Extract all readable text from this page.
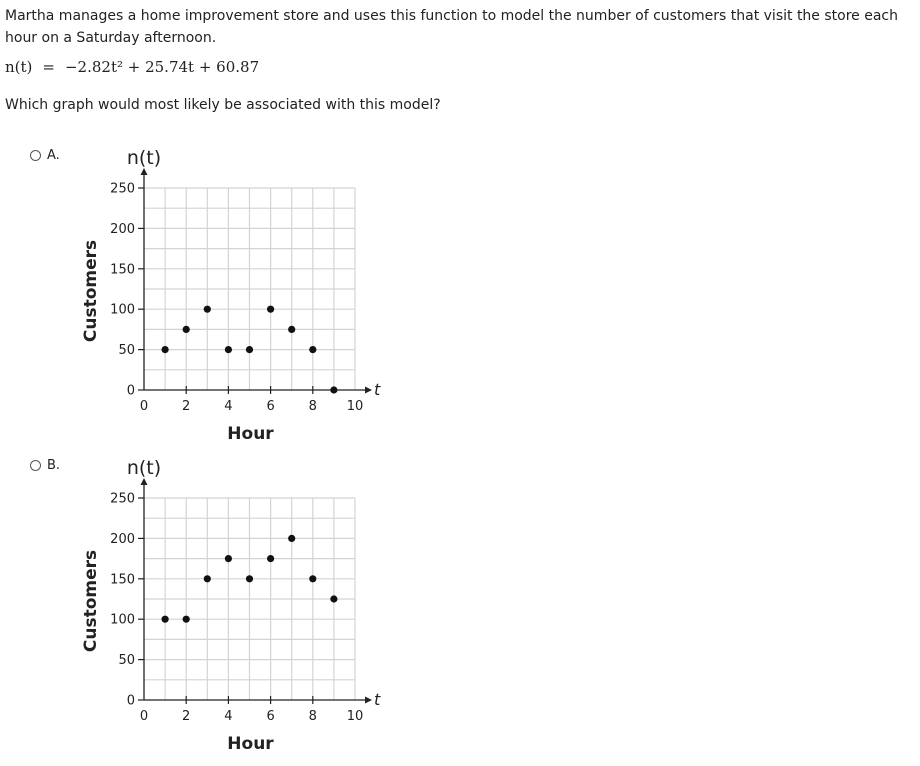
Martha manages a home improvement store and uses this function to model the number of customers that visit the store each hour on a Saturday afternoon.
n(t) = −2.82t² + 25.74t + 60.87
Which graph would most likely be associated with this model?
A.
B.
0
50
100
150
200
250
0	2	4	6	8 10
t
n(t)
Hour
Customers
0
50
100
150
200
250
0	2	4	6	8 10
t
n(t)
Hour
Customers
